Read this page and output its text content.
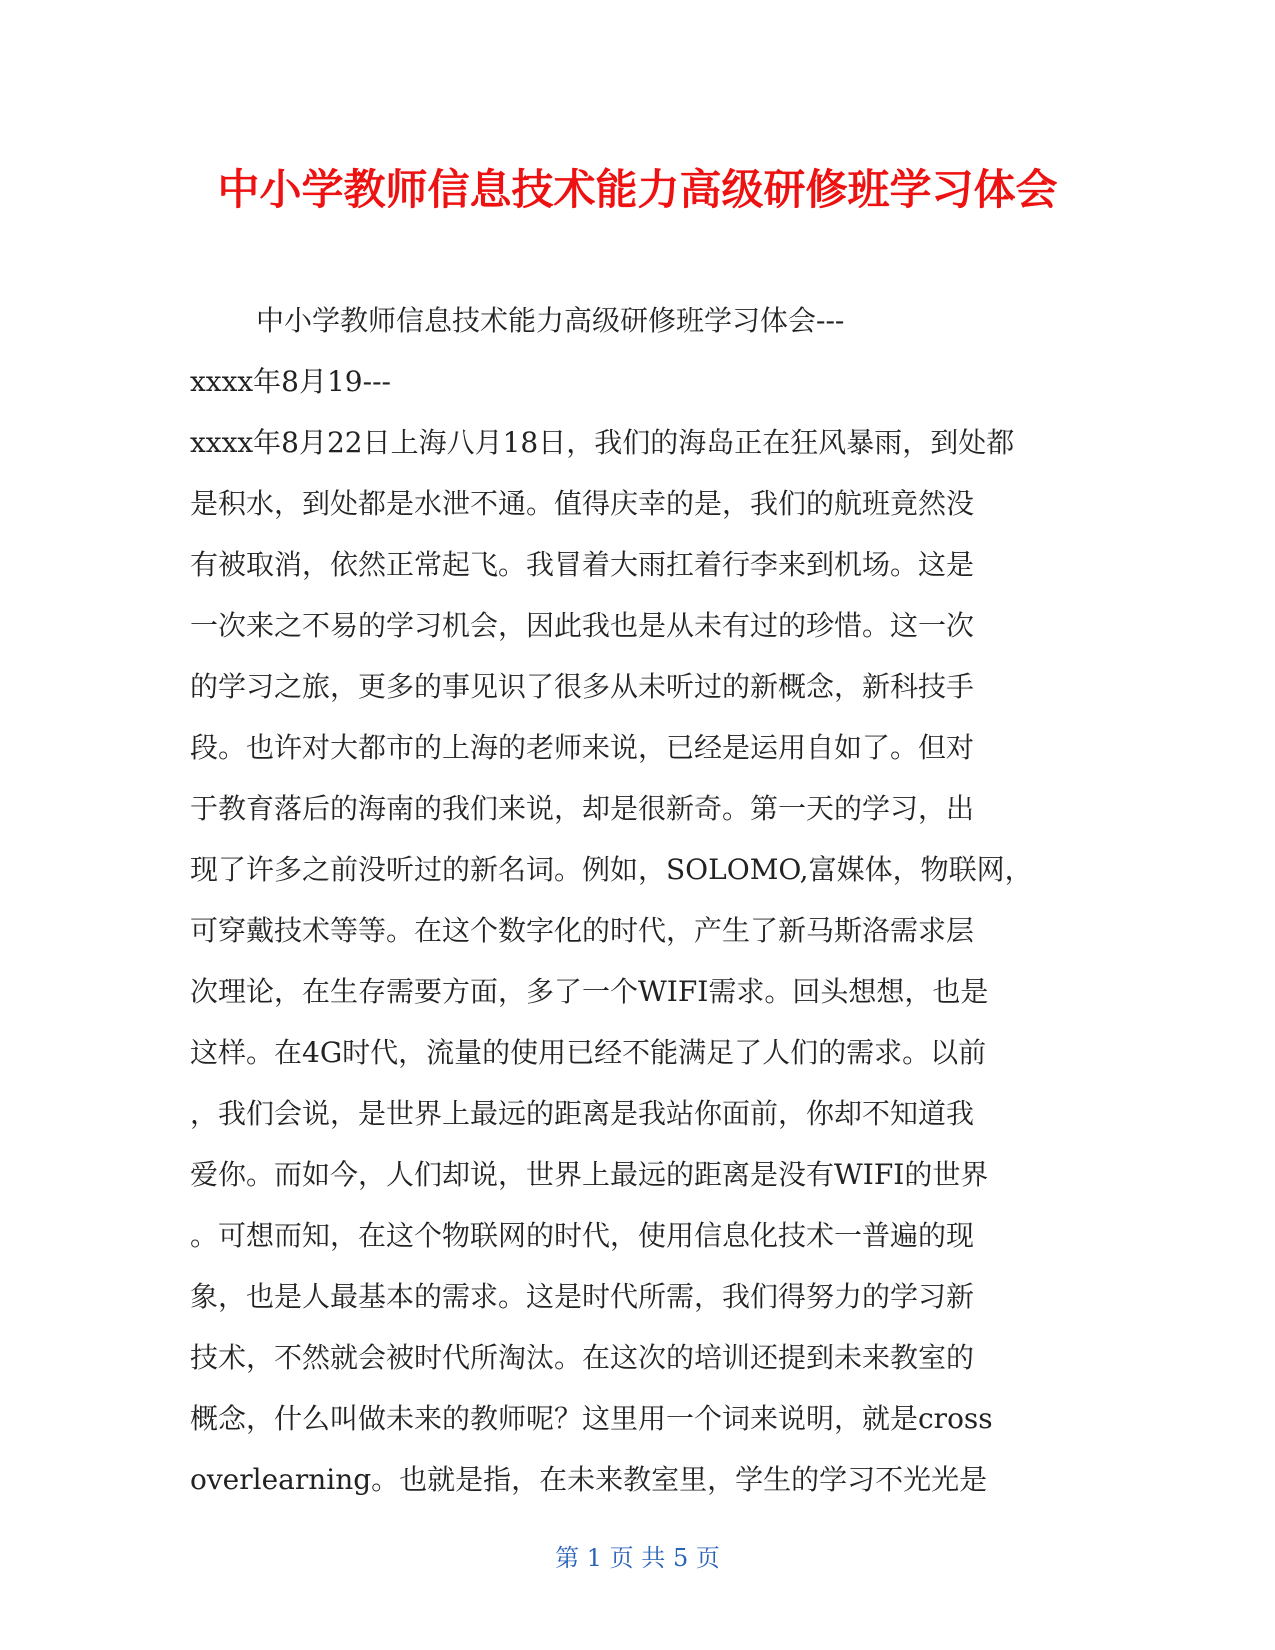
中小学教师信息技术能力高级研修班学习体会
中小学教师信息技术能力高级研修班学习体会---
xxxx年8月19---
xxxx年8月22日上海八月18日，我们的海岛正在狂风暴雨，到处都
是积水，到处都是水泄不通。值得庆幸的是，我们的航班竟然没
有被取消，依然正常起飞。我冒着大雨扛着行李来到机场。这是
一次来之不易的学习机会，因此我也是从未有过的珍惜。这一次
的学习之旅，更多的事见识了很多从未听过的新概念，新科技手
段。也许对大都市的上海的老师来说，已经是运用自如了。但对
于教育落后的海南的我们来说，却是很新奇。第一天的学习，出
现了许多之前没听过的新名词。例如，SOLOMO,富媒体，物联网，
可穿戴技术等等。在这个数字化的时代，产生了新马斯洛需求层
次理论，在生存需要方面，多了一个WIFI需求。回头想想，也是
这样。在4G时代，流量的使用已经不能满足了人们的需求。以前
，我们会说，是世界上最远的距离是我站你面前，你却不知道我
爱你。而如今，人们却说，世界上最远的距离是没有WIFI的世界
。可想而知，在这个物联网的时代，使用信息化技术一普遍的现
象，也是人最基本的需求。这是时代所需，我们得努力的学习新
技术，不然就会被时代所淘汰。在这次的培训还提到未来教室的
概念，什么叫做未来的教师呢？这里用一个词来说明，就是cross
overlearning。也就是指，在未来教室里，学生的学习不光光是
第 1 页 共 5 页
